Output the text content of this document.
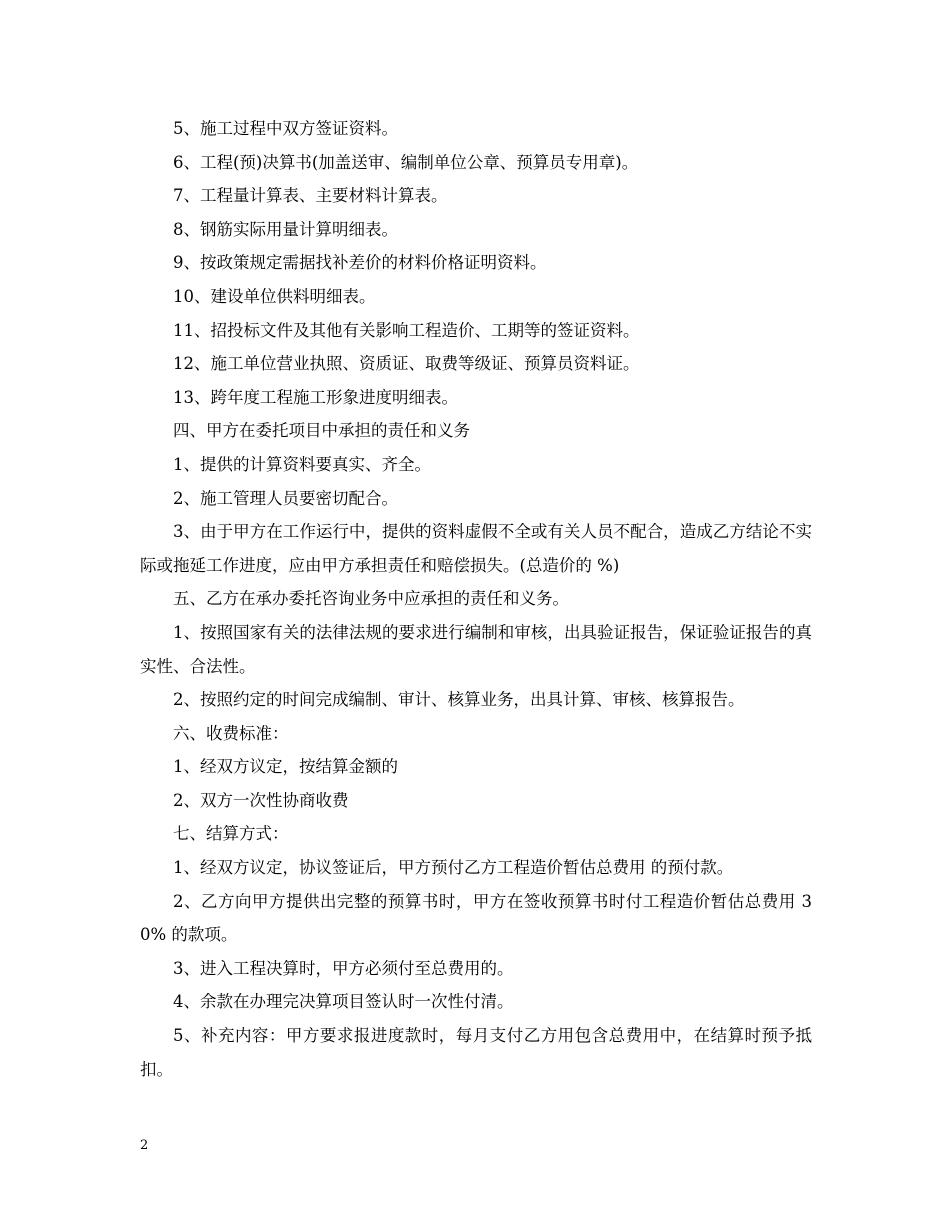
5、施工过程中双方签证资料。

6、工程(预)决算书(加盖送审、编制单位公章、预算员专用章)。

7、工程量计算表、主要材料计算表。

8、钢筋实际用量计算明细表。

9、按政策规定需据找补差价的材料价格证明资料。

10、建设单位供料明细表。

11、招投标文件及其他有关影响工程造价、工期等的签证资料。

12、施工单位营业执照、资质证、取费等级证、预算员资料证。

13、跨年度工程施工形象进度明细表。

四、甲方在委托项目中承担的责任和义务

1、提供的计算资料要真实、齐全。

2、施工管理人员要密切配合。

3、由于甲方在工作运行中，提供的资料虚假不全或有关人员不配合，造成乙方结论不实际或拖延工作进度，应由甲方承担责任和赔偿损失。(总造价的 %)

五、乙方在承办委托咨询业务中应承担的责任和义务。

1、按照国家有关的法律法规的要求进行编制和审核，出具验证报告，保证验证报告的真实性、合法性。

2、按照约定的时间完成编制、审计、核算业务，出具计算、审核、核算报告。

六、收费标准：

1、经双方议定，按结算金额的

2、双方一次性协商收费

七、结算方式：

1、经双方议定，协议签证后，甲方预付乙方工程造价暂估总费用 的预付款。

2、乙方向甲方提供出完整的预算书时，甲方在签收预算书时付工程造价暂估总费用 30% 的款项。

3、进入工程决算时，甲方必须付至总费用的。

4、余款在办理完决算项目签认时一次性付清。

5、补充内容：甲方要求报进度款时，每月支付乙方用包含总费用中，在结算时预予抵扣。

2
